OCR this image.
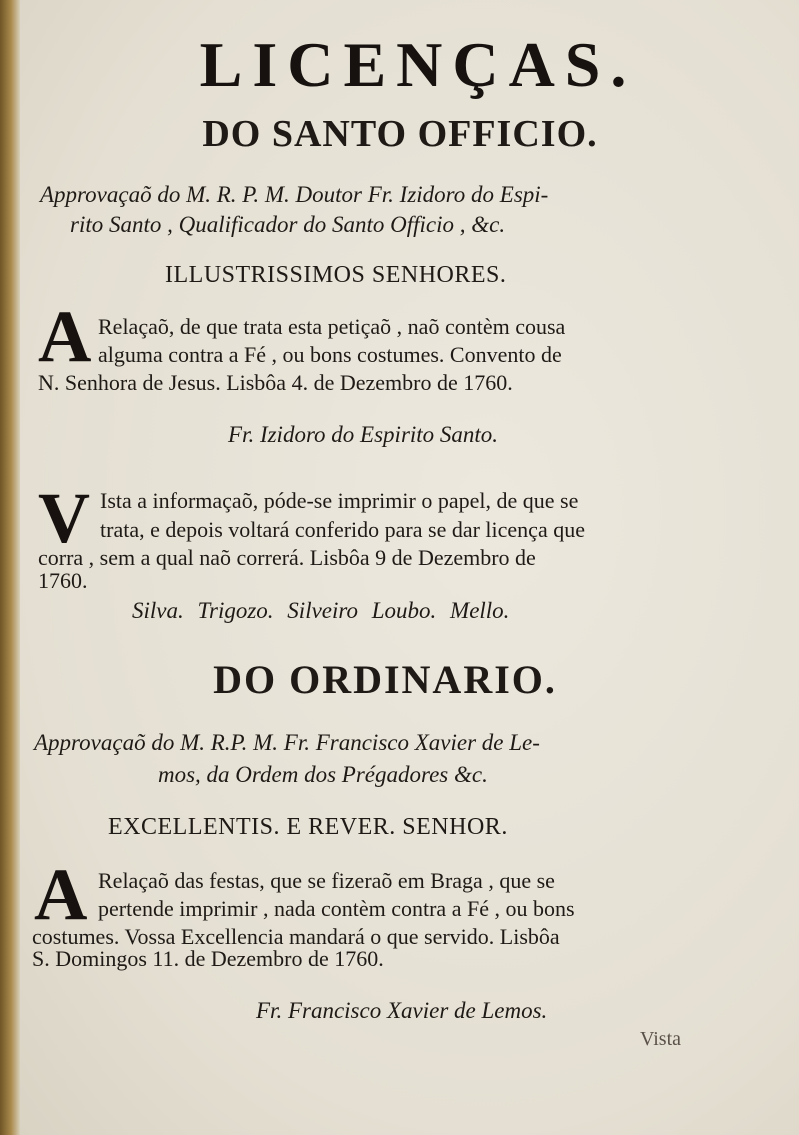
LICENÇAS.
DO SANTO OFFICIO.
Approvaçaõ do M. R. P. M. Doutor Fr. Izidoro do Espi-
rito Santo , Qualificador do Santo Officio , &c.
ILLUSTRISSIMOS SENHORES.
A Relaçaõ, de que trata esta petiçaõ , naõ contèm cousa
alguma contra a Fé , ou bons costumes. Convento de
N. Senhora de Jesus. Lisbôa 4. de Dezembro de 1760.
Fr. Izidoro do Espirito Santo.
V Ista a informaçaõ, póde-se imprimir o papel, de que se
trata, e depois voltará conferido para se dar licença que
corra , sem a qual naõ correrá. Lisbôa 9 de Dezembro de
1760.
Silva. Trigozo. Silveiro Loubo. Mello.
DO ORDINARIO.
Approvaçaõ do M. R.P. M. Fr. Francisco Xavier de Le-
mos, da Ordem dos Prégadores &c.
EXCELLENTIS. E REVER. SENHOR.
A Relaçaõ das festas, que se fizeraõ em Braga , que se
pertende imprimir , nada contèm contra a Fé , ou bons
costumes. Vossa Excellencia mandará o que servido. Lisbôa
S. Domingos 11. de Dezembro de 1760.
Fr. Francisco Xavier de Lemos.
Vista
